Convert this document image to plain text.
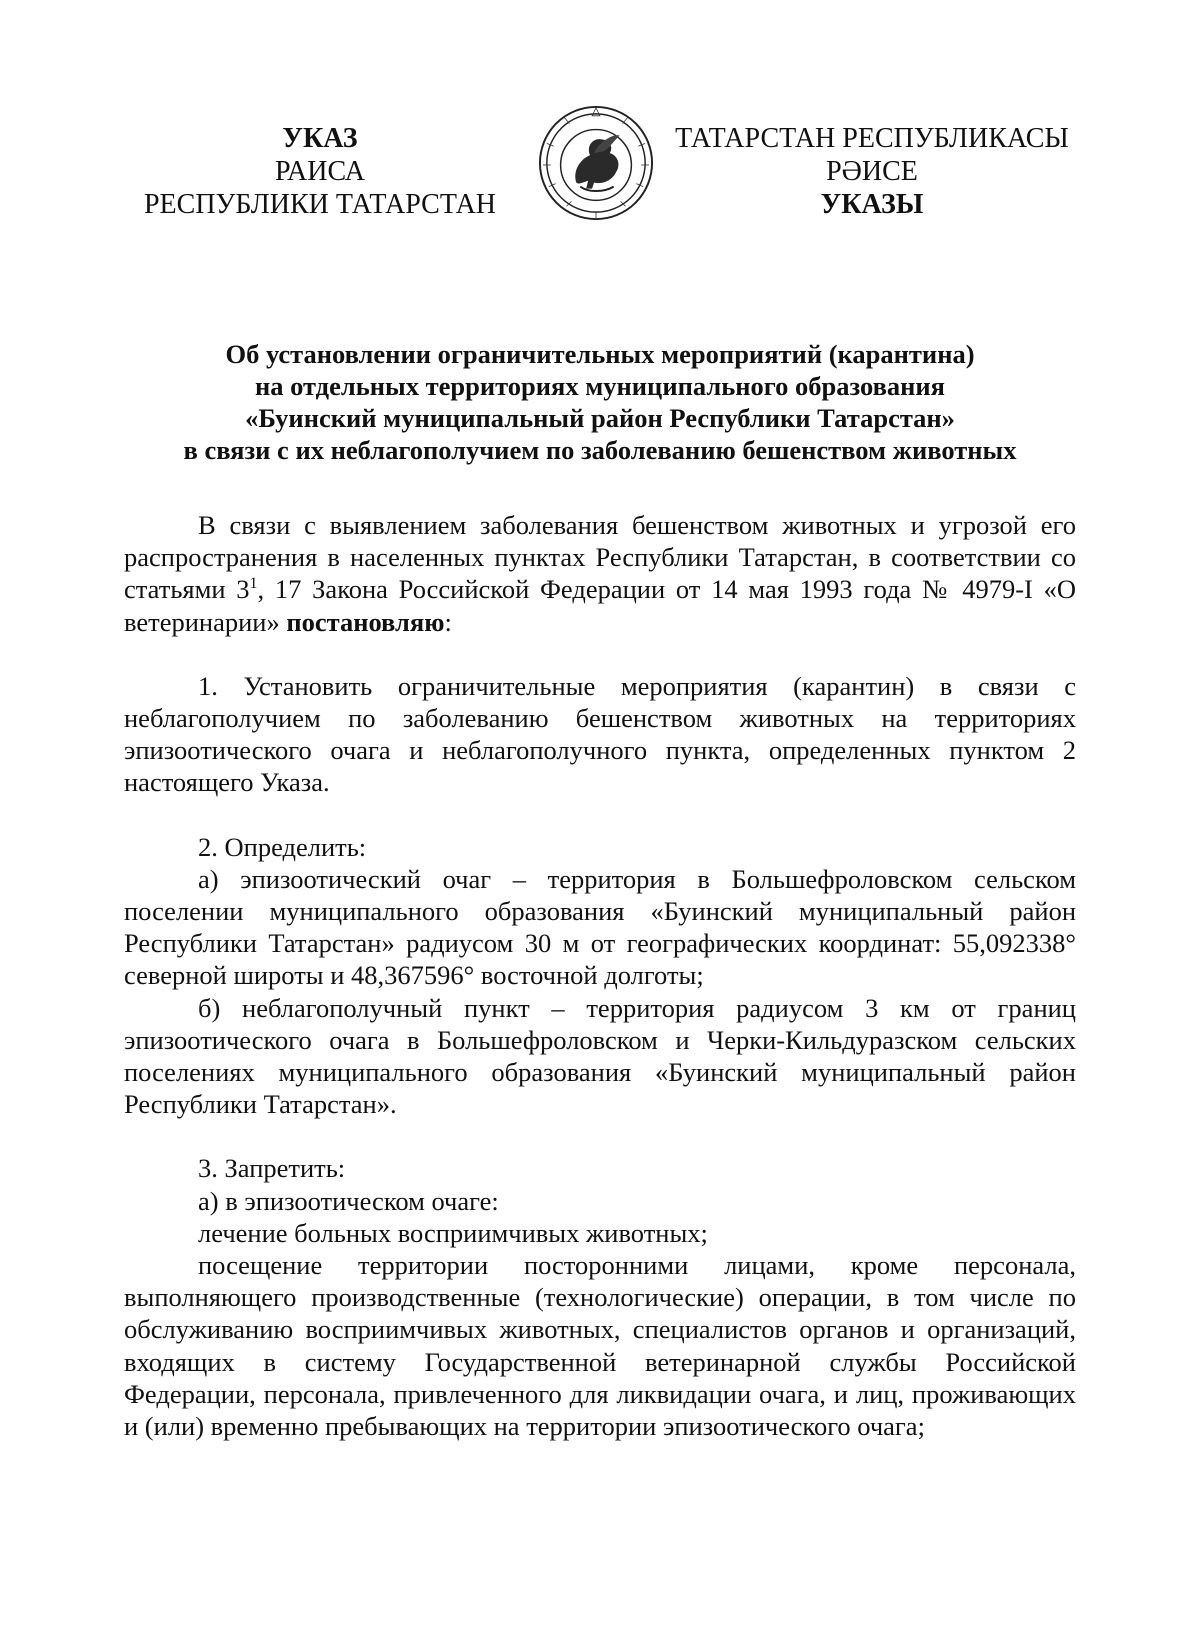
УКАЗ
РАИСА
РЕСПУБЛИКИ ТАТАРСТАН
ТАТАРСТАН РЕСПУБЛИКАСЫ
РӘИСЕ
УКАЗЫ
Об установлении ограничительных мероприятий (карантина)
на отдельных территориях муниципального образования
«Буинский муниципальный район Республики Татарстан»
в связи с их неблагополучием по заболеванию бешенством животных

В связи с выявлением заболевания бешенством животных и угрозой его распространения в населенных пунктах Республики Татарстан, в соответствии со статьями $3^1$, 17 Закона Российской Федерации от 14 мая 1993 года № 4979-I «О ветеринарии» постановляю:

1. Установить ограничительные мероприятия (карантин) в связи с неблагополучием по заболеванию бешенством животных на территориях эпизоотического очага и неблагополучного пункта, определенных пунктом 2 настоящего Указа.

2. Определить:

а) эпизоотический очаг – территория в Большефроловском сельском поселении муниципального образования «Буинский муниципальный район Республики Татарстан» радиусом 30 м от географических координат: 55,092338° северной широты и 48,367596° восточной долготы;

б) неблагополучный пункт – территория радиусом 3 км от границ эпизоотического очага в Большефроловском и Черки-Кильдуразском сельских поселениях муниципального образования «Буинский муниципальный район Республики Татарстан».

3. Запретить:

а) в эпизоотическом очаге:

лечение больных восприимчивых животных;

посещение территории посторонними лицами, кроме персонала, выполняющего производственные (технологические) операции, в том числе по обслуживанию восприимчивых животных, специалистов органов и организаций, входящих в систему Государственной ветеринарной службы Российской Федерации, персонала, привлеченного для ликвидации очага, и лиц, проживающих и (или) временно пребывающих на территории эпизоотического очага;
